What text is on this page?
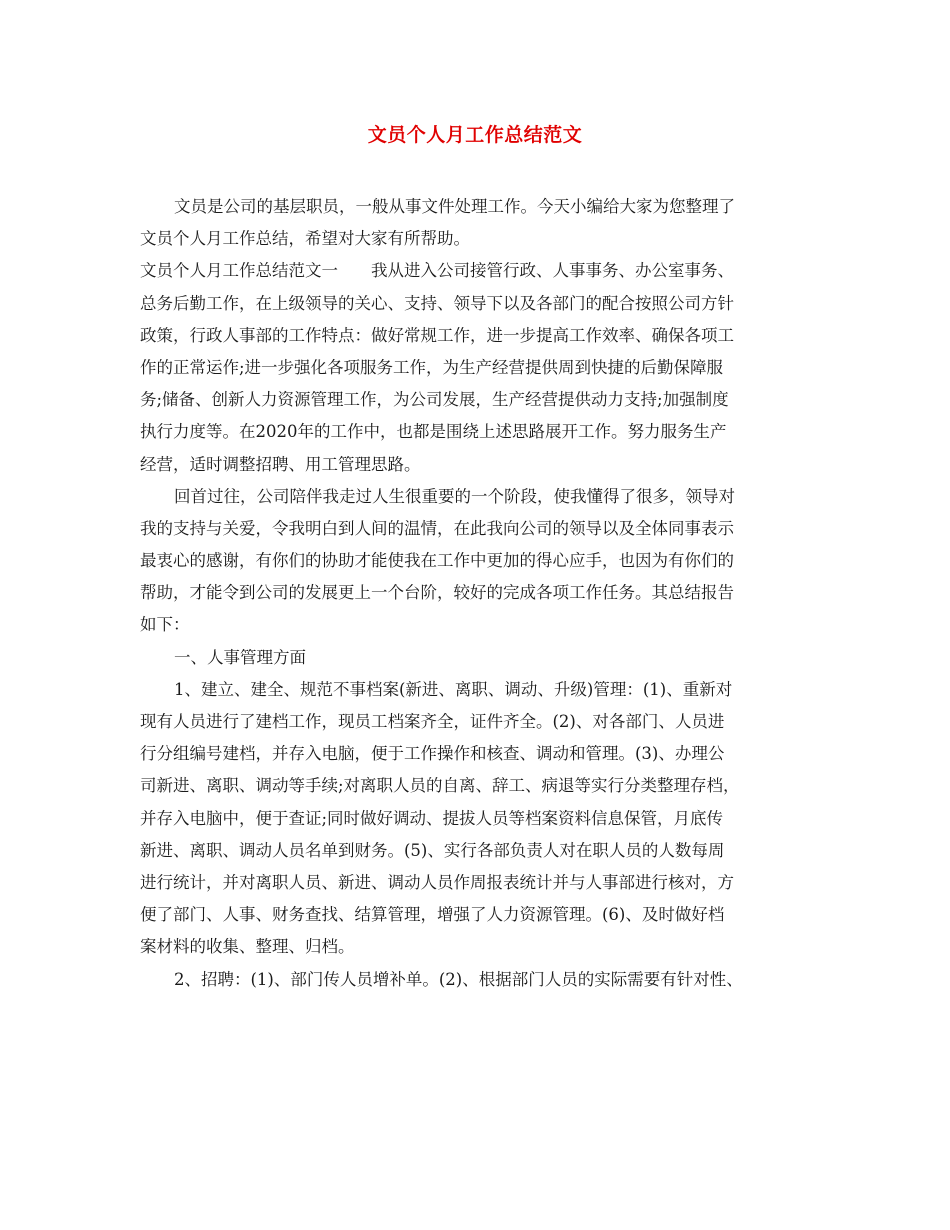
文员个人月工作总结范文
文员是公司的基层职员，一般从事文件处理工作。今天小编给大家为您整理了
文员个人月工作总结，希望对大家有所帮助。
文员个人月工作总结范文一　　我从进入公司接管行政、人事事务、办公室事务、
总务后勤工作，在上级领导的关心、支持、领导下以及各部门的配合按照公司方针
政策，行政人事部的工作特点：做好常规工作，进一步提高工作效率、确保各项工
作的正常运作;进一步强化各项服务工作，为生产经营提供周到快捷的后勤保障服
务;储备、创新人力资源管理工作，为公司发展，生产经营提供动力支持;加强制度
执行力度等。在2020年的工作中，也都是围绕上述思路展开工作。努力服务生产
经营，适时调整招聘、用工管理思路。
回首过往，公司陪伴我走过人生很重要的一个阶段，使我懂得了很多，领导对
我的支持与关爱，令我明白到人间的温情，在此我向公司的领导以及全体同事表示
最衷心的感谢，有你们的协助才能使我在工作中更加的得心应手，也因为有你们的
帮助，才能令到公司的发展更上一个台阶，较好的完成各项工作任务。其总结报告
如下：
一、人事管理方面
1、建立、建全、规范不事档案(新进、离职、调动、升级)管理：(1)、重新对
现有人员进行了建档工作，现员工档案齐全，证件齐全。(2)、对各部门、人员进
行分组编号建档，并存入电脑，便于工作操作和核查、调动和管理。(3)、办理公
司新进、离职、调动等手续;对离职人员的自离、辞工、病退等实行分类整理存档，
并存入电脑中，便于查证;同时做好调动、提拔人员等档案资料信息保管，月底传
新进、离职、调动人员名单到财务。(5)、实行各部负责人对在职人员的人数每周
进行统计，并对离职人员、新进、调动人员作周报表统计并与人事部进行核对，方
便了部门、人事、财务查找、结算管理，增强了人力资源管理。(6)、及时做好档
案材料的收集、整理、归档。
2、招聘：(1)、部门传人员增补单。(2)、根据部门人员的实际需要有针对性、
